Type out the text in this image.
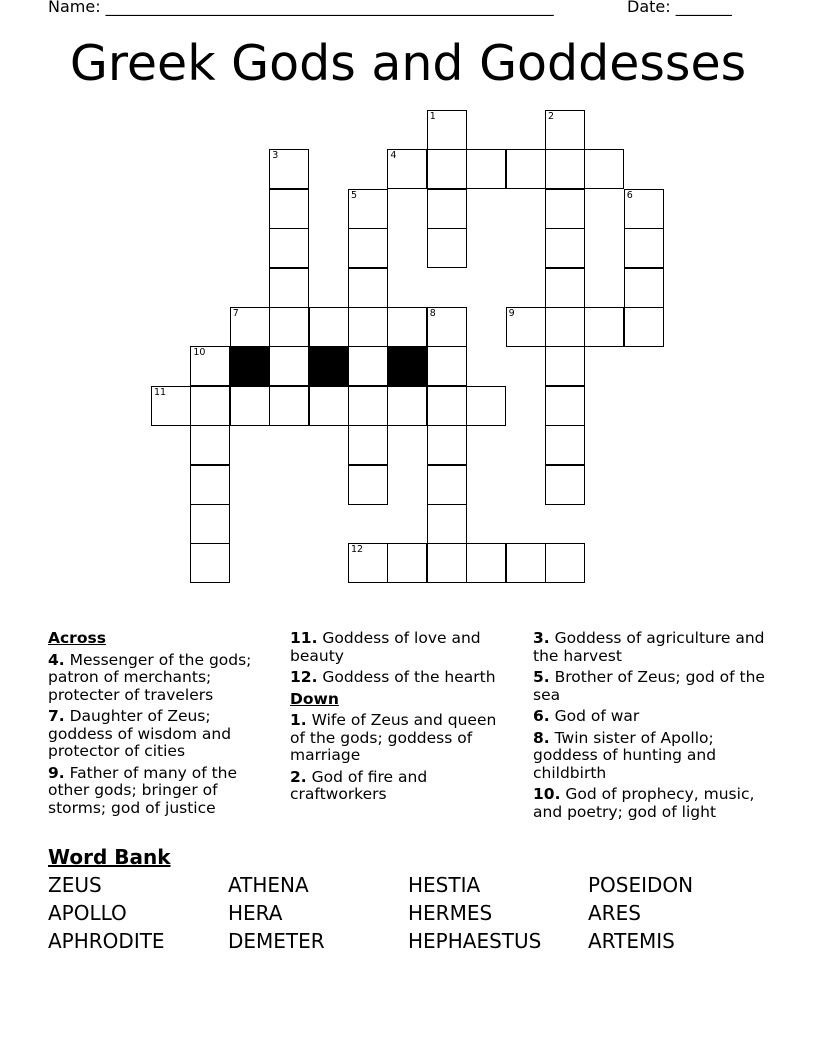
Name: ________________________________________________________	Date: _______
Greek Gods and Goddesses
1	2
3	4
5	6
7	8	9
10
11
12
Across
4. Messenger of the gods; patron of merchants; protecter of travelers
7. Daughter of Zeus; goddess of wisdom and protector of cities
9. Father of many of the other gods; bringer of storms; god of justice
11. Goddess of love and beauty
12. Goddess of the hearth
Down
1. Wife of Zeus and queen of the gods; goddess of marriage
2. God of fire and craftworkers
3. Goddess of agriculture and the harvest
5. Brother of Zeus; god of the sea
6. God of war
8. Twin sister of Apollo; goddess of hunting and childbirth
10. God of prophecy, music, and poetry; god of light
Word Bank
ZEUS	ATHENA	HESTIA	POSEIDON
APOLLO	HERA	HERMES	ARES
APHRODITE	DEMETER	HEPHAESTUS	ARTEMIS
